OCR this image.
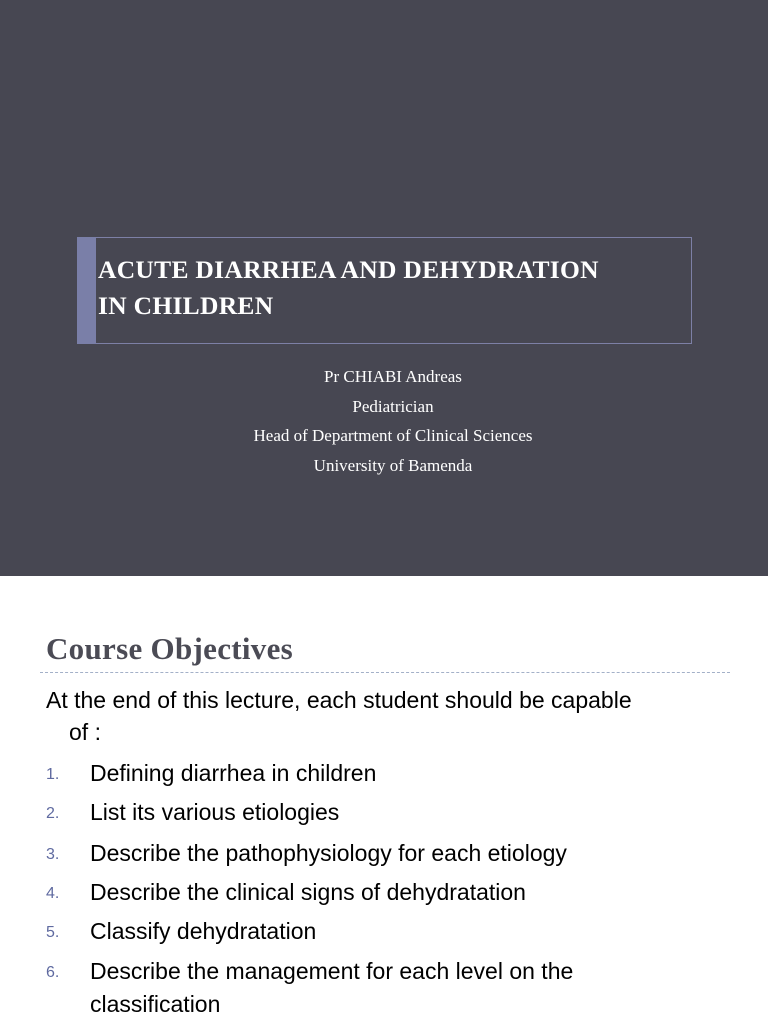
ACUTE DIARRHEA AND DEHYDRATION
IN CHILDREN
Pr CHIABI Andreas
Pediatrician
Head of Department of Clinical Sciences
University of Bamenda
Course Objectives
At the end of this lecture, each student should be capable
of :
1. Defining diarrhea in children
2. List its various etiologies
3. Describe the pathophysiology for each etiology
4. Describe the clinical signs of dehydratation
5. Classify dehydratation
6. Describe the management for each level on the
classification
